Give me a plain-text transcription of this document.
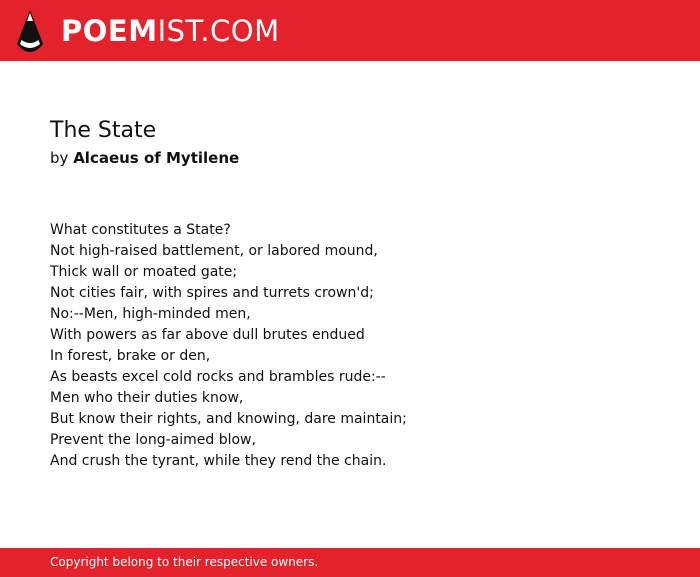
POEMIST.COM
The State

by Alcaeus of Mytilene

What constitutes a State?
Not high-raised battlement, or labored mound,
Thick wall or moated gate;
Not cities fair, with spires and turrets crown'd;
No:--Men, high-minded men,
With powers as far above dull brutes endued
In forest, brake or den,
As beasts excel cold rocks and brambles rude:--
Men who their duties know,
But know their rights, and knowing, dare maintain;
Prevent the long-aimed blow,
And crush the tyrant, while they rend the chain.
Copyright belong to their respective owners.
